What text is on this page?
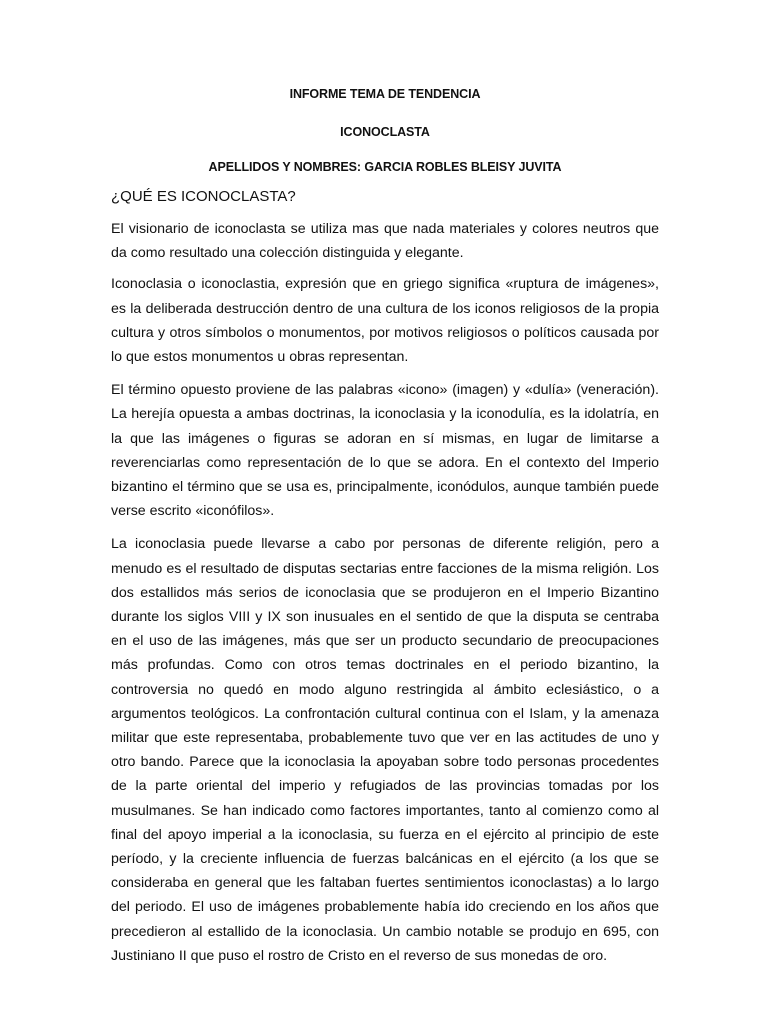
INFORME TEMA DE TENDENCIA

ICONOCLASTA

APELLIDOS Y NOMBRES: GARCIA ROBLES BLEISY JUVITA

¿QUÉ ES ICONOCLASTA?

El visionario de iconoclasta se utiliza mas que nada materiales y colores neutros que da como resultado una colección distinguida y elegante.

Iconoclasia o iconoclastia, expresión que en griego significa «ruptura de imágenes», es la deliberada destrucción dentro de una cultura de los iconos religiosos de la propia cultura y otros símbolos o monumentos, por motivos religiosos o políticos causada por lo que estos monumentos u obras representan.

El término opuesto proviene de las palabras «icono» (imagen) y «dulía» (veneración). La herejía opuesta a ambas doctrinas, la iconoclasia y la iconodulía, es la idolatría, en la que las imágenes o figuras se adoran en sí mismas, en lugar de limitarse a reverenciarlas como representación de lo que se adora. En el contexto del Imperio bizantino el término que se usa es, principalmente, iconódulos, aunque también puede verse escrito «iconófilos».

La iconoclasia puede llevarse a cabo por personas de diferente religión, pero a menudo es el resultado de disputas sectarias entre facciones de la misma religión. Los dos estallidos más serios de iconoclasia que se produjeron en el Imperio Bizantino durante los siglos VIII y IX son inusuales en el sentido de que la disputa se centraba en el uso de las imágenes, más que ser un producto secundario de preocupaciones más profundas. Como con otros temas doctrinales en el periodo bizantino, la controversia no quedó en modo alguno restringida al ámbito eclesiástico, o a argumentos teológicos. La confrontación cultural continua con el Islam, y la amenaza militar que este representaba, probablemente tuvo que ver en las actitudes de uno y otro bando. Parece que la iconoclasia la apoyaban sobre todo personas procedentes de la parte oriental del imperio y refugiados de las provincias tomadas por los musulmanes. Se han indicado como factores importantes, tanto al comienzo como al final del apoyo imperial a la iconoclasia, su fuerza en el ejército al principio de este período, y la creciente influencia de fuerzas balcánicas en el ejército (a los que se consideraba en general que les faltaban fuertes sentimientos iconoclastas) a lo largo del periodo. El uso de imágenes probablemente había ido creciendo en los años que precedieron al estallido de la iconoclasia. Un cambio notable se produjo en 695, con Justiniano II que puso el rostro de Cristo en el reverso de sus monedas de oro.
